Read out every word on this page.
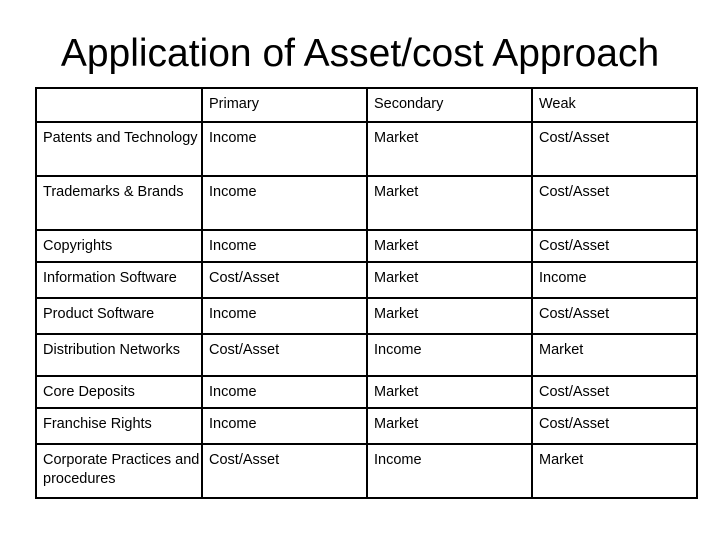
Application of Asset/cost Approach
	Primary	Secondary	Weak
Patents and Technology	Income	Market	Cost/Asset
Trademarks & Brands	Income	Market	Cost/Asset
Copyrights	Income	Market	Cost/Asset
Information Software	Cost/Asset	Market	Income
Product Software	Income	Market	Cost/Asset
Distribution Networks	Cost/Asset	Income	Market
Core Deposits	Income	Market	Cost/Asset
Franchise Rights	Income	Market	Cost/Asset
Corporate Practices and procedures	Cost/Asset	Income	Market
